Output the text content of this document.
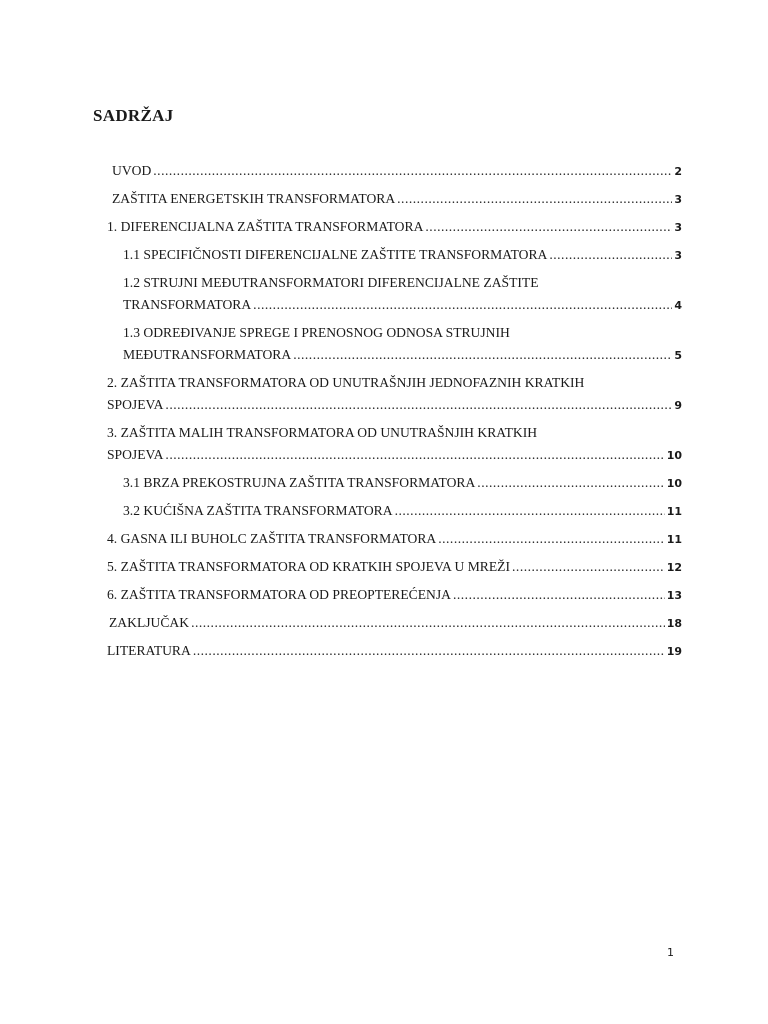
SADRŽAJ
UVOD .....	2
ZAŠTITA ENERGETSKIH TRANSFORMATORA .....	3
1. DIFERENCIJALNA ZAŠTITA TRANSFORMATORA .....	3
1.1 SPECIFIČNOSTI DIFERENCIJALNE ZAŠTITE TRANSFORMATORA .....	3
1.2 STRUJNI MEĐUTRANSFORMATORI DIFERENCIJALNE ZAŠTITE
TRANSFORMATORA .....	4
1.3 ODREĐIVANJE SPREGE I PRENOSNOG ODNOSA STRUJNIH
MEĐUTRANSFORMATORA .....	5
2. ZAŠTITA TRANSFORMATORA OD UNUTRAŠNJIH JEDNOFAZNIH KRATKIH
SPOJEVA .....	9
3. ZAŠTITA MALIH TRANSFORMATORA OD UNUTRAŠNJIH KRATKIH
SPOJEVA .....	10
3.1 BRZA PREKOSTRUJNA ZAŠTITA TRANSFORMATORA .....	10
3.2 KUĆIŠNA ZAŠTITA TRANSFORMATORA .....	11
4. GASNA ILI BUHOLC ZAŠTITA TRANSFORMATORA .....	11
5. ZAŠTITA TRANSFORMATORA OD KRATKIH SPOJEVA U MREŽI .....	12
6. ZAŠTITA TRANSFORMATORA OD PREOPTEREĆENJA .....	13
ZAKLJUČAK .....	18
LITERATURA .....	19
1
